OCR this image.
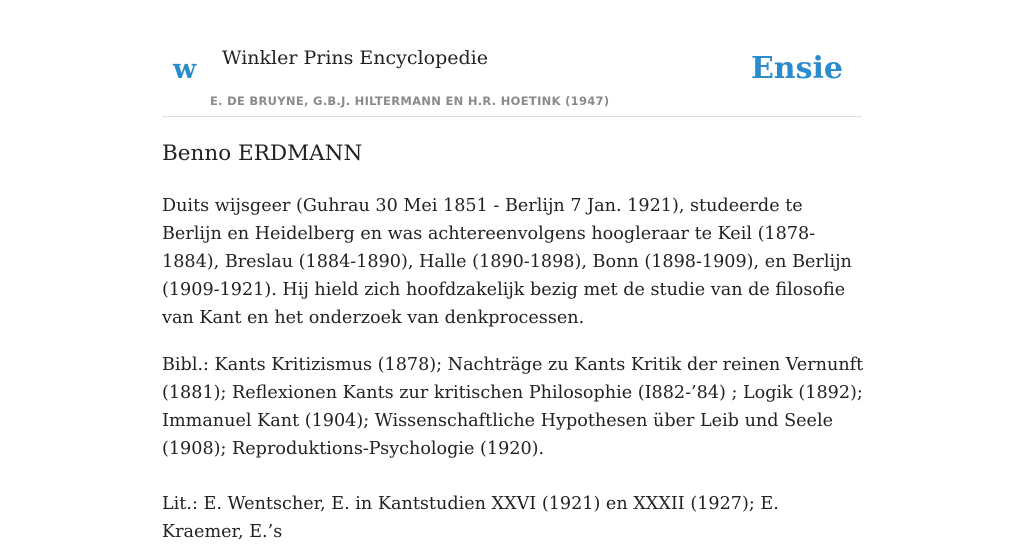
w Winkler Prins Encyclopedie
E. DE BRUYNE, G.B.J. HILTERMANN EN H.R. HOETINK (1947)
Ensie
Benno ERDMANN

Duits wijsgeer (Guhrau 30 Mei 1851 - Berlijn 7 Jan. 1921), studeerde te Berlijn en Heidelberg en was achtereenvolgens hoogleraar te Keil (1878-1884), Breslau (1884-1890), Halle (1890-1898), Bonn (1898-1909), en Berlijn (1909-1921). Hij hield zich hoofdzakelijk bezig met de studie van de filosofie van Kant en het onderzoek van denkprocessen.

Bibl.: Kants Kritizismus (1878); Nachträge zu Kants Kritik der reinen Vernunft (1881); Reflexionen Kants zur kritischen Philosophie (I882-’84) ; Logik (1892); Immanuel Kant (1904); Wissenschaftliche Hypothesen über Leib und Seele (1908); Reproduktions-Psychologie (1920).

Lit.: E. Wentscher, E. in Kantstudien XXVI (1921) en XXXII (1927); E. Kraemer, E.’s
